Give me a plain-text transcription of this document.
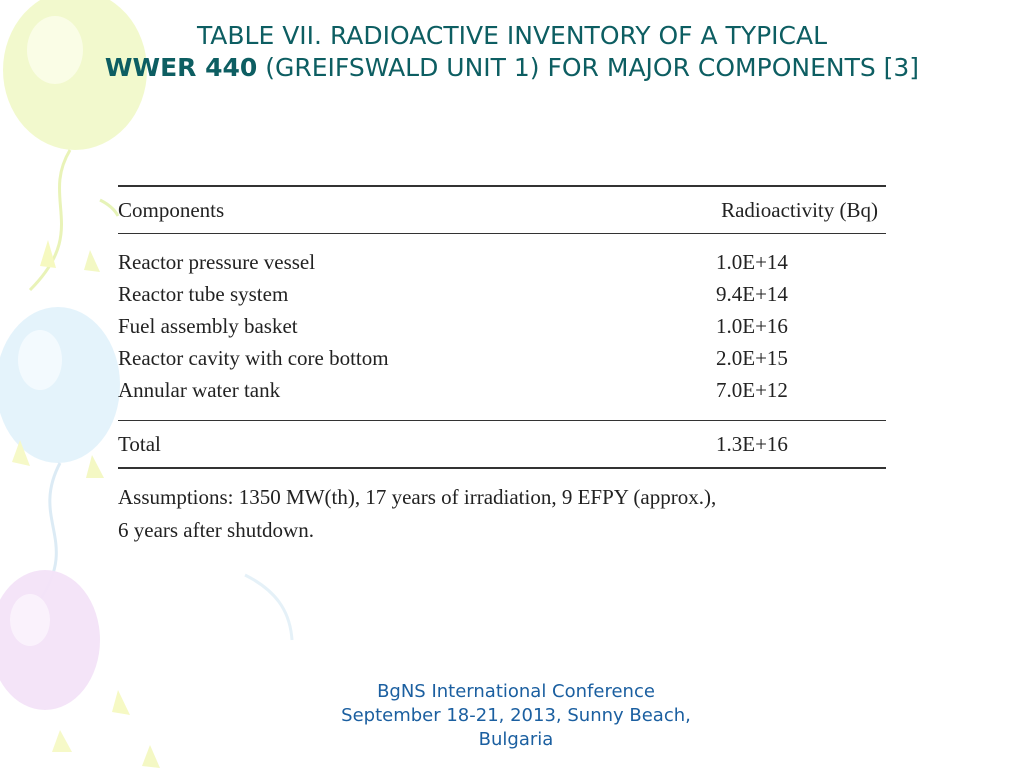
TABLE VII. RADIOACTIVE INVENTORY OF A TYPICAL
WWER 440 (GREIFSWALD UNIT 1) FOR MAJOR COMPONENTS [3]
Components	Radioactivity (Bq)
Reactor pressure vessel	1.0E+14
Reactor tube system	9.4E+14
Fuel assembly basket	1.0E+16
Reactor cavity with core bottom	2.0E+15
Annular water tank	7.0E+12
Total	1.3E+16
Assumptions: 1350 MW(th), 17 years of irradiation, 9 EFPY (approx.),
6 years after shutdown.
BgNS International Conference
September 18-21, 2013, Sunny Beach,
Bulgaria
